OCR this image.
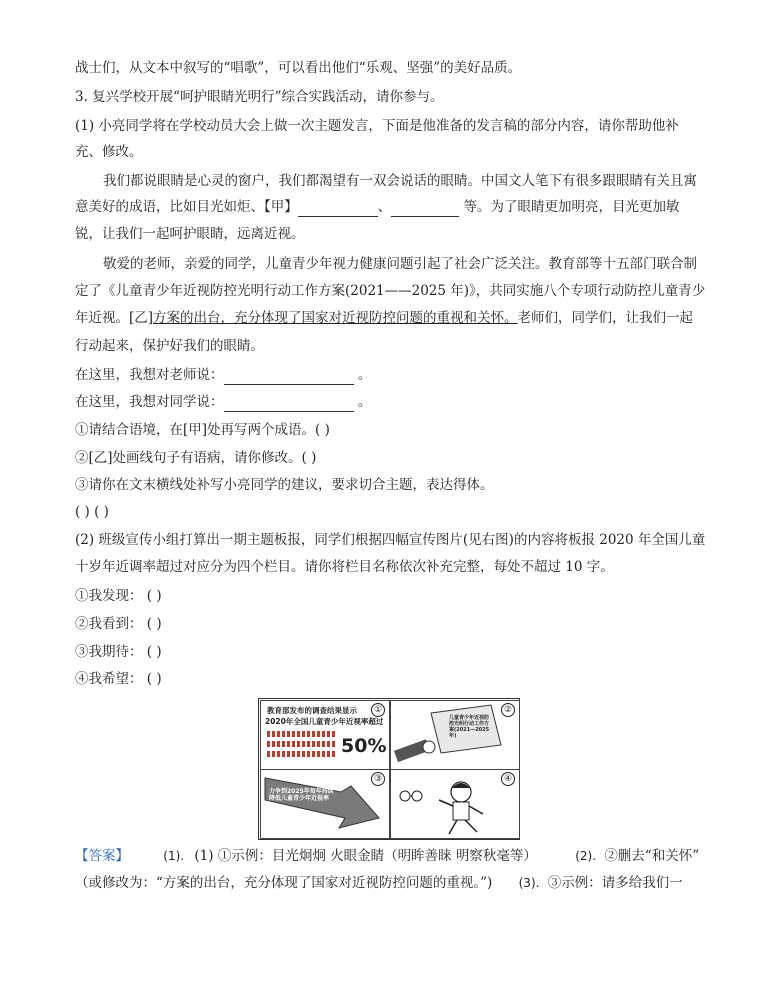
战士们，从文本中叙写的“唱歌”，可以看出他们“乐观、坚强”的美好品质。
3. 复兴学校开展“呵护眼睛光明行”综合实践活动，请你参与。
(1) 小亮同学将在学校动员大会上做一次主题发言，下面是他准备的发言稿的部分内容，请你帮助他补
充、修改。
我们都说眼睛是心灵的窗户，我们都渴望有一双会说话的眼睛。中国文人笔下有很多跟眼睛有关且寓
意美好的成语，比如目光如炬、【甲】	、	等。为了眼睛更加明亮，目光更加敏
锐，让我们一起呵护眼睛，远离近视。
敬爱的老师，亲爱的同学，儿童青少年视力健康问题引起了社会广泛关注。教育部等十五部门联合制
定了《儿童青少年近视防控光明行动工作方案(2021——2025 年)》，共同实施八个专项行动防控儿童青少
年近视。[乙]方案的出台，充分体现了国家对近视防控问题的重视和关怀。老师们，同学们，让我们一起
行动起来，保护好我们的眼睛。
在这里，我想对老师说：	。
在这里，我想对同学说：	。
①请结合语境，在[甲]处再写两个成语。( )
②[乙]处画线句子有语病，请你修改。( )
③请你在文末横线处补写小亮同学的建议，要求切合主题，表达得体。
( ) ( )
(2) 班级宣传小组打算出一期主题板报，同学们根据四幅宣传图片(见右图)的内容将板报 2020 年全国儿童
十岁年近调率超过对应分为四个栏目。请你将栏目名称依次补充完整，每处不超过 10 字。
①我发现： ( )
②我看到： ( )
③我期待： ( )
④我希望： ( )
①
教育部发布的调查结果显示
2020年全国儿童青少年近视率超过
50%
②
儿童青少年近视防控光明行动工作方案(2021—2025年)
③
力争到2025年每年持续降低儿童青少年近视率
④
【答案】	(1). (1) ①示例：目光炯炯 火眼金睛（明眸善睐 明察秋毫等）	(2). ②删去“和关怀”
（或修改为：“方案的出台，充分体现了国家对近视防控问题的重视。”) (3). ③示例：请多给我们一
